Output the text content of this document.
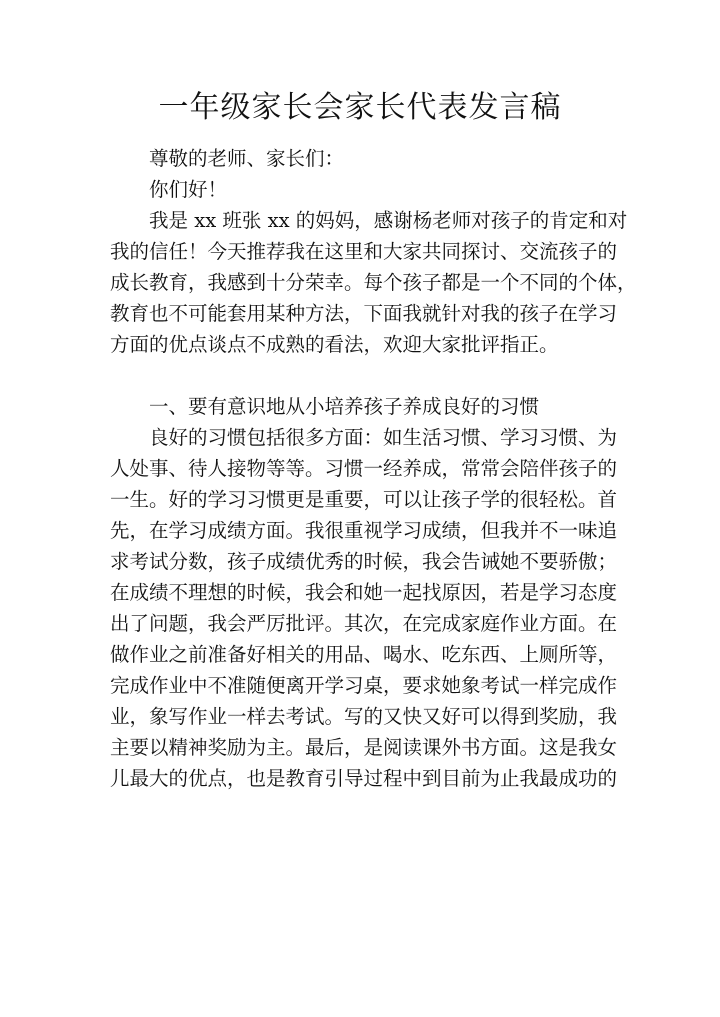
一年级家长会家长代表发言稿
尊敬的老师、家长们：
你们好！
我是 xx 班张 xx 的妈妈，感谢杨老师对孩子的肯定和对
我的信任！今天推荐我在这里和大家共同探讨、交流孩子的
成长教育，我感到十分荣幸。每个孩子都是一个不同的个体，
教育也不可能套用某种方法，下面我就针对我的孩子在学习
方面的优点谈点不成熟的看法，欢迎大家批评指正。
一、要有意识地从小培养孩子养成良好的习惯
良好的习惯包括很多方面：如生活习惯、学习习惯、为
人处事、待人接物等等。习惯一经养成，常常会陪伴孩子的
一生。好的学习习惯更是重要，可以让孩子学的很轻松。首
先，在学习成绩方面。我很重视学习成绩，但我并不一味追
求考试分数，孩子成绩优秀的时候，我会告诫她不要骄傲；
在成绩不理想的时候，我会和她一起找原因，若是学习态度
出了问题，我会严厉批评。其次，在完成家庭作业方面。在
做作业之前准备好相关的用品、喝水、吃东西、上厕所等，
完成作业中不准随便离开学习桌，要求她象考试一样完成作
业，象写作业一样去考试。写的又快又好可以得到奖励，我
主要以精神奖励为主。最后，是阅读课外书方面。这是我女
儿最大的优点，也是教育引导过程中到目前为止我最成功的
